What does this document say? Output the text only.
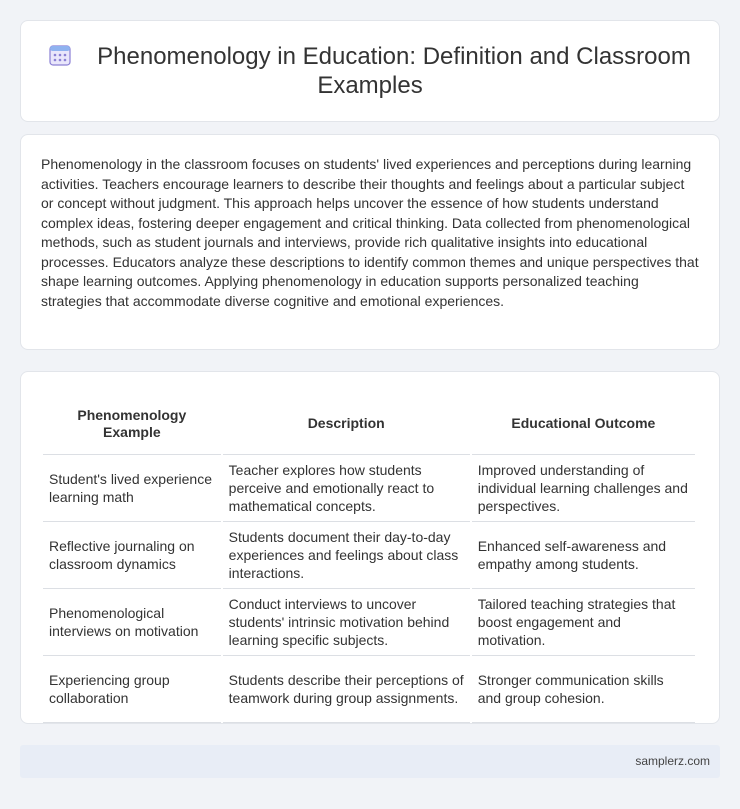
Phenomenology in Education: Definition and Classroom Examples

Phenomenology in the classroom focuses on students' lived experiences and perceptions during learning activities. Teachers encourage learners to describe their thoughts and feelings about a particular subject or concept without judgment. This approach helps uncover the essence of how students understand complex ideas, fostering deeper engagement and critical thinking. Data collected from phenomenological methods, such as student journals and interviews, provide rich qualitative insights into educational processes. Educators analyze these descriptions to identify common themes and unique perspectives that shape learning outcomes. Applying phenomenology in education supports personalized teaching strategies that accommodate diverse cognitive and emotional experiences.

Phenomenology Example	Description	Educational Outcome
Student's lived experience learning math	Teacher explores how students perceive and emotionally react to mathematical concepts.	Improved understanding of individual learning challenges and perspectives.
Reflective journaling on classroom dynamics	Students document their day-to-day experiences and feelings about class interactions.	Enhanced self-awareness and empathy among students.
Phenomenological interviews on motivation	Conduct interviews to uncover students' intrinsic motivation behind learning specific subjects.	Tailored teaching strategies that boost engagement and motivation.
Experiencing group collaboration	Students describe their perceptions of teamwork during group assignments.	Stronger communication skills and group cohesion.
samplerz.com
